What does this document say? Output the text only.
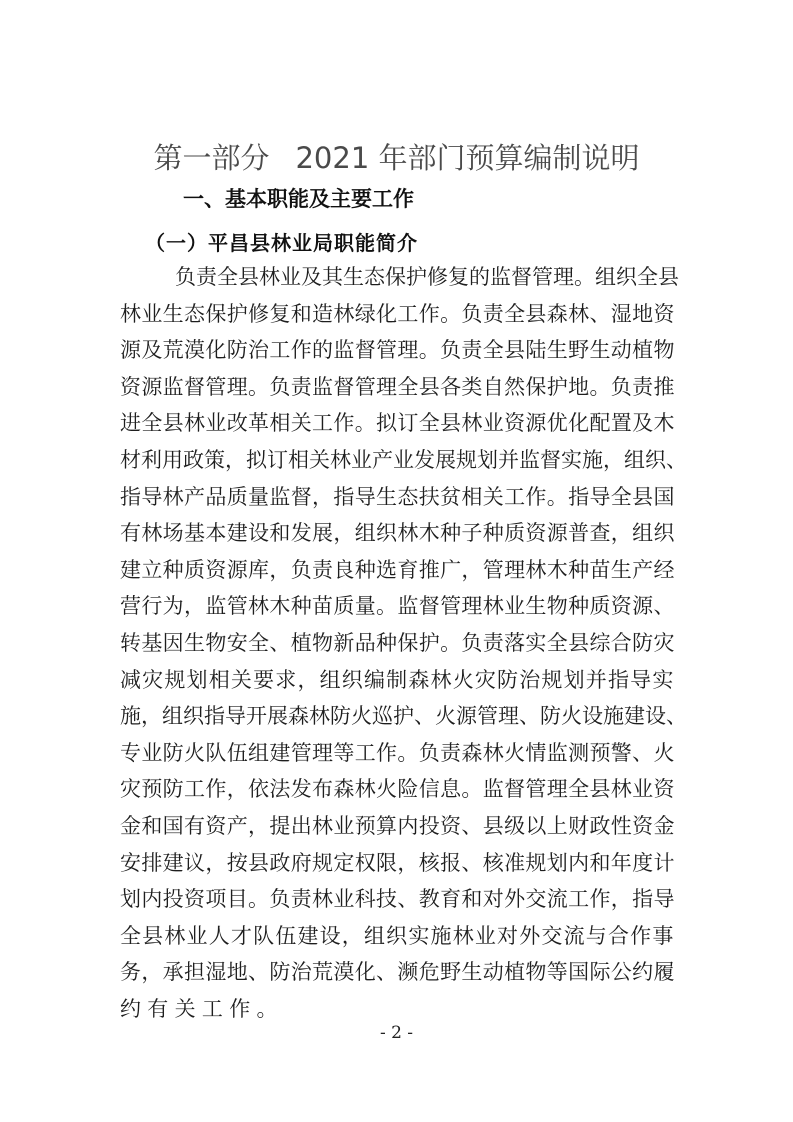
第一部分 2021 年部门预算编制说明
一、基本职能及主要工作
（一）平昌县林业局职能简介
负责全县林业及其生态保护修复的监督管理。组织全县
林业生态保护修复和造林绿化工作。负责全县森林、湿地资
源及荒漠化防治工作的监督管理。负责全县陆生野生动植物
资源监督管理。负责监督管理全县各类自然保护地。负责推
进全县林业改革相关工作。拟订全县林业资源优化配置及木
材利用政策，拟订相关林业产业发展规划并监督实施，组织、
指导林产品质量监督，指导生态扶贫相关工作。指导全县国
有林场基本建设和发展，组织林木种子种质资源普查，组织
建立种质资源库，负责良种选育推广，管理林木种苗生产经
营行为，监管林木种苗质量。监督管理林业生物种质资源、
转基因生物安全、植物新品种保护。负责落实全县综合防灾
减灾规划相关要求，组织编制森林火灾防治规划并指导实
施，组织指导开展森林防火巡护、火源管理、防火设施建设、
专业防火队伍组建管理等工作。负责森林火情监测预警、火
灾预防工作，依法发布森林火险信息。监督管理全县林业资
金和国有资产，提出林业预算内投资、县级以上财政性资金
安排建议，按县政府规定权限，核报、核准规划内和年度计
划内投资项目。负责林业科技、教育和对外交流工作，指导
全县林业人才队伍建设，组织实施林业对外交流与合作事
务，承担湿地、防治荒漠化、濒危野生动植物等国际公约履
约有关工作。
- 2 -
